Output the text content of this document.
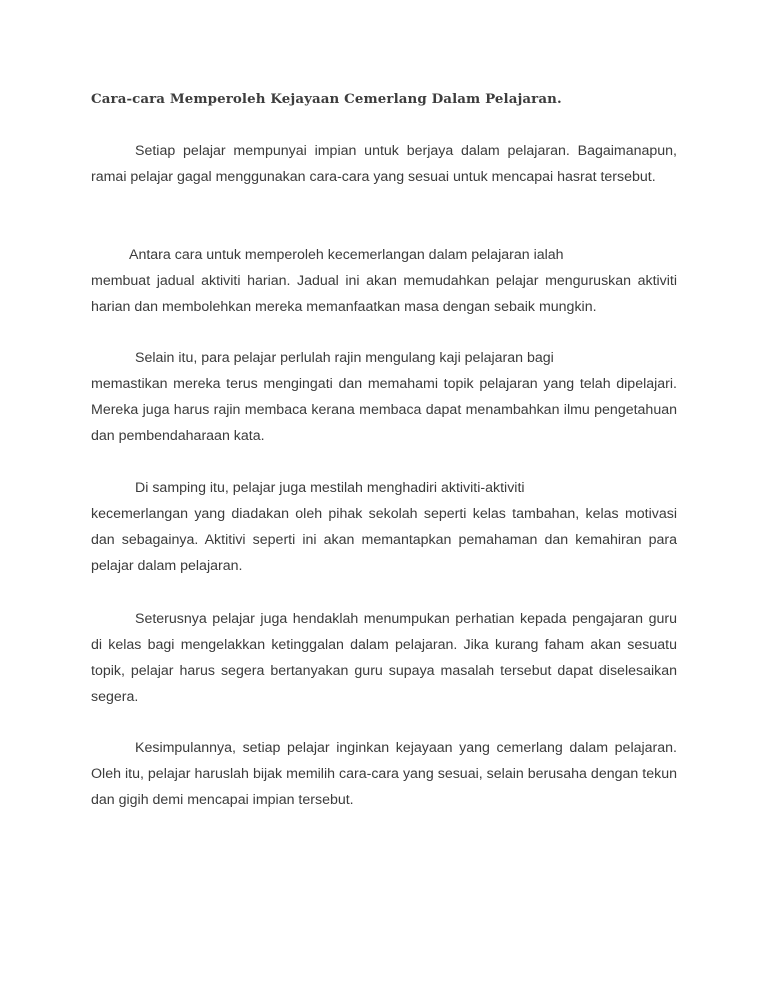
Cara-cara Memperoleh Kejayaan Cemerlang Dalam Pelajaran.

Setiap pelajar mempunyai impian untuk berjaya dalam pelajaran. Bagaimanapun, ramai pelajar gagal menggunakan cara-cara yang sesuai untuk mencapai hasrat tersebut.

Antara cara untuk memperoleh kecemerlangan dalam pelajaran ialah
membuat jadual aktiviti harian. Jadual ini akan memudahkan pelajar menguruskan aktiviti harian dan membolehkan mereka memanfaatkan masa dengan sebaik mungkin.
Selain itu, para pelajar perlulah rajin mengulang kaji pelajaran bagi
memastikan mereka terus mengingati dan memahami topik pelajaran yang telah dipelajari. Mereka juga harus rajin membaca kerana membaca dapat menambahkan ilmu pengetahuan dan pembendaharaan kata.
Di samping itu, pelajar juga mestilah menghadiri aktiviti-aktiviti
kecemerlangan yang diadakan oleh pihak sekolah seperti kelas tambahan, kelas motivasi dan sebagainya. Aktitivi seperti ini akan memantapkan pemahaman dan kemahiran para pelajar dalam pelajaran.

Seterusnya pelajar juga hendaklah menumpukan perhatian kepada pengajaran guru di kelas bagi mengelakkan ketinggalan dalam pelajaran. Jika kurang faham akan sesuatu topik, pelajar harus segera bertanyakan guru supaya masalah tersebut dapat diselesaikan segera.

Kesimpulannya, setiap pelajar inginkan kejayaan yang cemerlang dalam pelajaran. Oleh itu, pelajar haruslah bijak memilih cara-cara yang sesuai, selain berusaha dengan tekun dan gigih demi mencapai impian tersebut.
